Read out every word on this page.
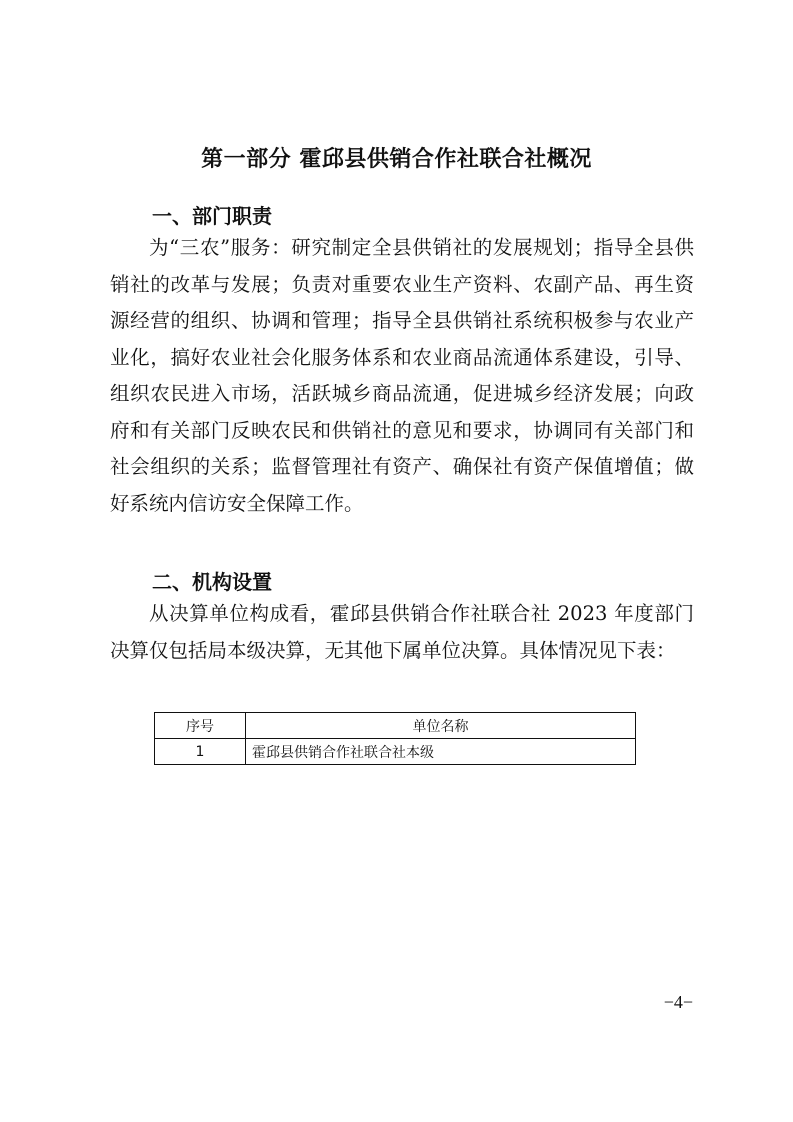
第一部分 霍邱县供销合作社联合社概况
一、部门职责

为“三农”服务：研究制定全县供销社的发展规划；指导全县供销社的改革与发展；负责对重要农业生产资料、农副产品、再生资源经营的组织、协调和管理；指导全县供销社系统积极参与农业产业化，搞好农业社会化服务体系和农业商品流通体系建设，引导、组织农民进入市场，活跃城乡商品流通，促进城乡经济发展；向政府和有关部门反映农民和供销社的意见和要求，协调同有关部门和社会组织的关系；监督管理社有资产、确保社有资产保值增值；做好系统内信访安全保障工作。

二、机构设置

从决算单位构成看，霍邱县供销合作社联合社 2023 年度部门决算仅包括局本级决算，无其他下属单位决算。具体情况见下表：

序号	单位名称
1	霍邱县供销合作社联合社本级
−4−
